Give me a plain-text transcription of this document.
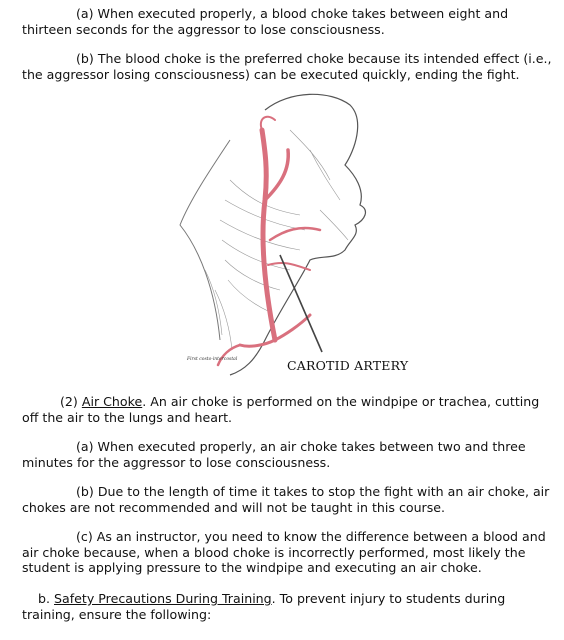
(a) When executed properly, a blood choke takes between eight and thirteen seconds for the aggressor to lose consciousness.

(b) The blood choke is the preferred choke because its intended effect (i.e., the aggressor losing consciousness) can be executed quickly, ending the fight.

First costo-intercostal	CAROTID ARTERY

(2) Air Choke. An air choke is performed on the windpipe or trachea, cutting off the air to the lungs and heart.

(a) When executed properly, an air choke takes between two and three minutes for the aggressor to lose consciousness.

(b) Due to the length of time it takes to stop the fight with an air choke, air chokes are not recommended and will not be taught in this course.

(c) As an instructor, you need to know the difference between a blood and air choke because, when a blood choke is incorrectly performed, most likely the student is applying pressure to the windpipe and executing an air choke.

b. Safety Precautions During Training. To prevent injury to students during training, ensure the following:
